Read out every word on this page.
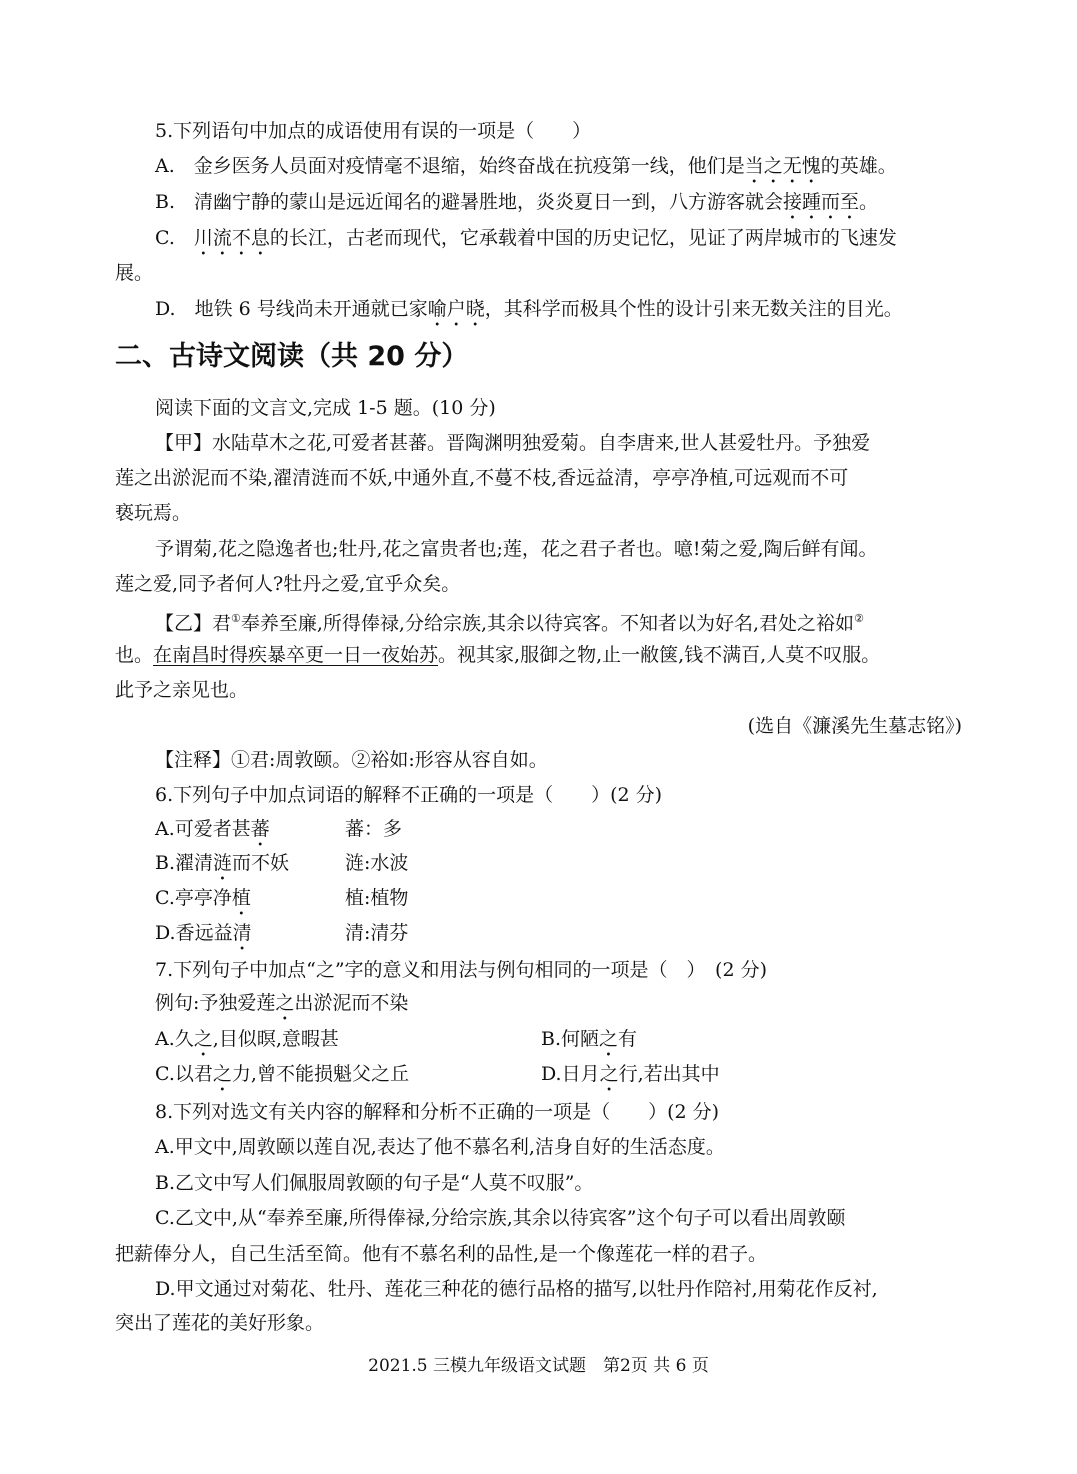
5.下列语句中加点的成语使用有误的一项是（　　）
A.　金乡医务人员面对疫情毫不退缩，始终奋战在抗疫第一线，他们是当之无愧的英雄。
B.　清幽宁静的蒙山是远近闻名的避暑胜地，炎炎夏日一到，八方游客就会接踵而至。
C.　川流不息的长江，古老而现代，它承载着中国的历史记忆，见证了两岸城市的飞速发
展。
D.　地铁 6 号线尚未开通就已家喻户晓，其科学而极具个性的设计引来无数关注的目光。
二、古诗文阅读（共 20 分）
阅读下面的文言文,完成 1-5 题。(10 分)
【甲】水陆草木之花,可爱者甚蕃。晋陶渊明独爱菊。自李唐来,世人甚爱牡丹。予独爱
莲之出淤泥而不染,濯清涟而不妖,中通外直,不蔓不枝,香远益清，亭亭净植,可远观而不可
亵玩焉。
予谓菊,花之隐逸者也;牡丹,花之富贵者也;莲，花之君子者也。噫!菊之爱,陶后鲜有闻。
莲之爱,同予者何人?牡丹之爱,宜乎众矣。
【乙】君①奉养至廉,所得俸禄,分给宗族,其余以待宾客。不知者以为好名,君处之裕如②
也。在南昌时得疾暴卒更一日一夜始苏。视其家,服御之物,止一敝箧,钱不满百,人莫不叹服。
此予之亲见也。
(选自《濂溪先生墓志铭》)
【注释】①君:周敦颐。②裕如:形容从容自如。
6.下列句子中加点词语的解释不正确的一项是（　　）(2 分)
A.可爱者甚蕃	蕃：多
B.濯清涟而不妖	涟:水波
C.亭亭净植	植:植物
D.香远益清	清:清芬
7.下列句子中加点“之”字的意义和用法与例句相同的一项是（　）　(2 分)
例句:予独爱莲之出淤泥而不染
A.久之,目似暝,意暇甚	B.何陋之有
C.以君之力,曾不能损魁父之丘	D.日月之行,若出其中
8.下列对选文有关内容的解释和分析不正确的一项是（　　）(2 分)
A.甲文中,周敦颐以莲自况,表达了他不慕名利,洁身自好的生活态度。
B.乙文中写人们佩服周敦颐的句子是“人莫不叹服”。
C.乙文中,从“奉养至廉,所得俸禄,分给宗族,其余以待宾客”这个句子可以看出周敦颐
把薪俸分人，自己生活至简。他有不慕名利的品性,是一个像莲花一样的君子。
D.甲文通过对菊花、牡丹、莲花三种花的德行品格的描写,以牡丹作陪衬,用菊花作反衬,
突出了莲花的美好形象。
2021.5 三模九年级语文试题　第2页 共 6 页
